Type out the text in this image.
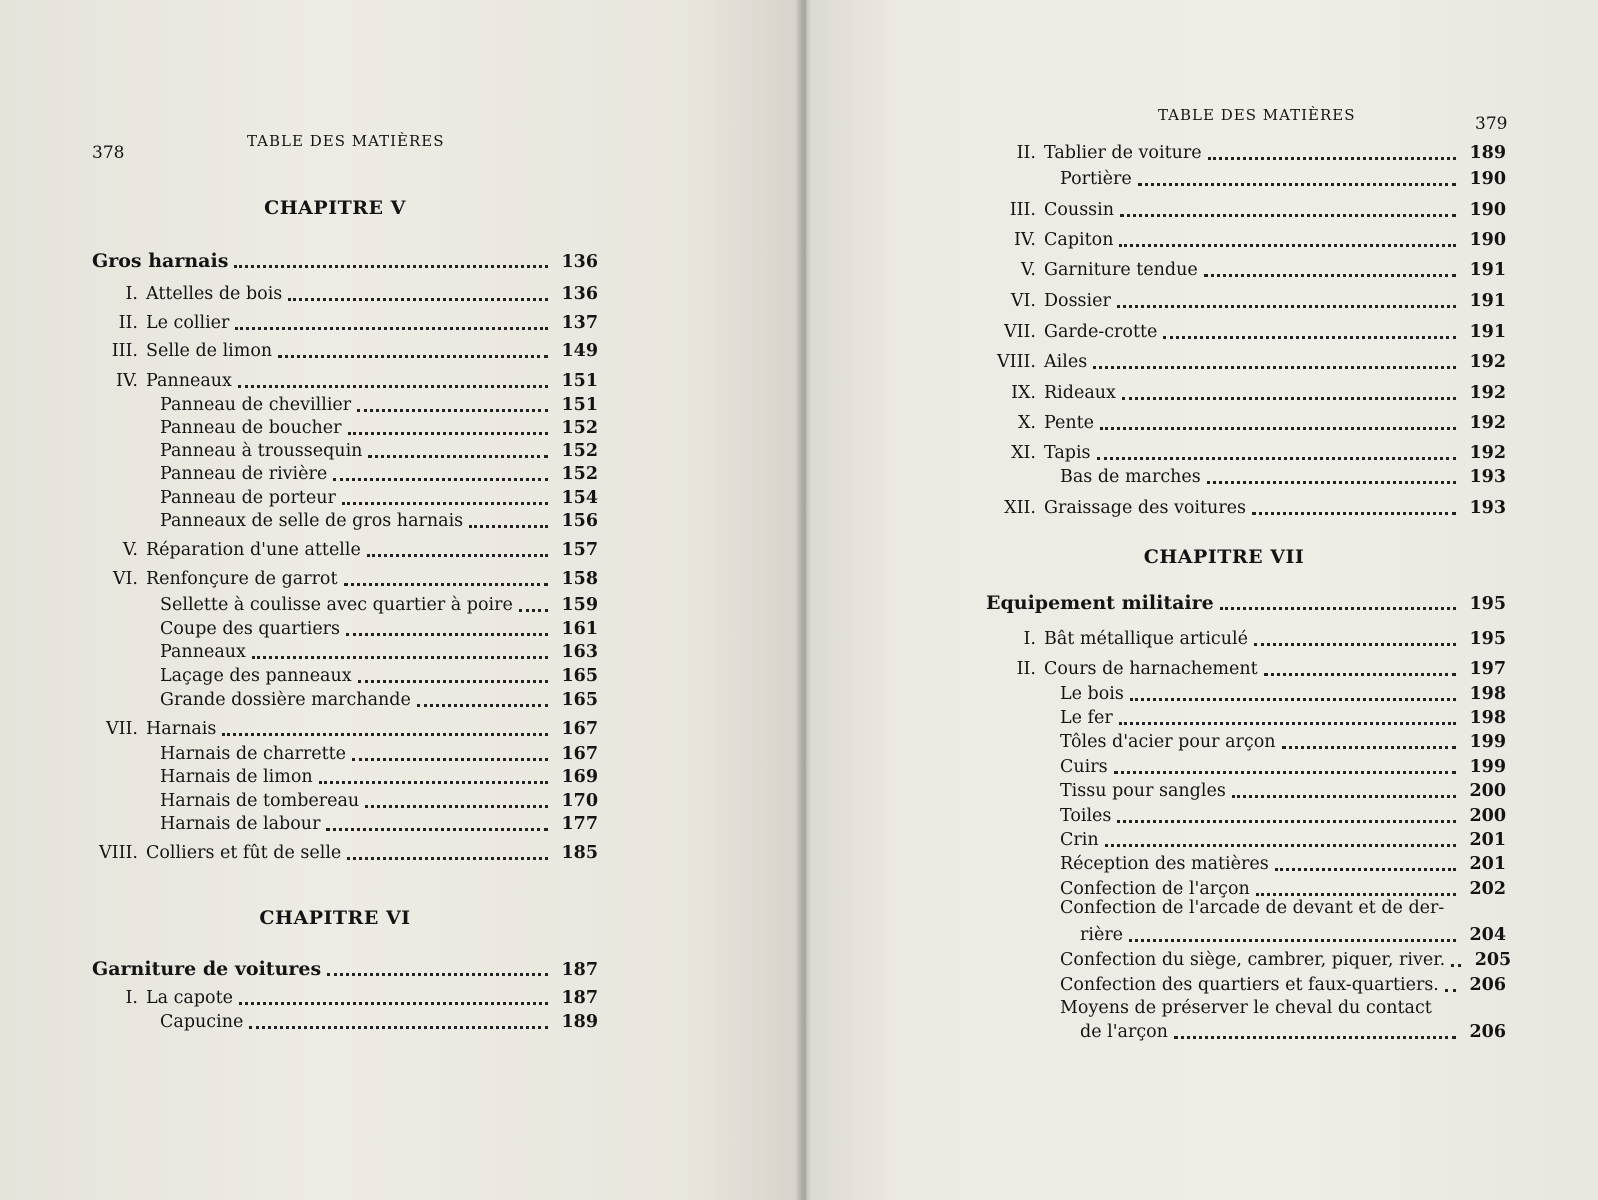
378
TABLE DES MATIÈRES
CHAPITRE V
CHAPITRE VI
Gros harnais	136
I. Attelles de bois	136
II. Le collier	137
III. Selle de limon	149
IV. Panneaux	151
Panneau de chevillier	151
Panneau de boucher	152
Panneau à troussequin	152
Panneau de rivière	152
Panneau de porteur	154
Panneaux de selle de gros harnais	156
V. Réparation d'une attelle	157
VI. Renfonçure de garrot	158
Sellette à coulisse avec quartier à poire	159
Coupe des quartiers	161
Panneaux	163
Laçage des panneaux	165
Grande dossière marchande	165
VII. Harnais	167
Harnais de charrette	167
Harnais de limon	169
Harnais de tombereau	170
Harnais de labour	177
VIII. Colliers et fût de selle	185
Garniture de voitures	187
I. La capote	187
Capucine	189
379
TABLE DES MATIÈRES
CHAPITRE VII
II. Tablier de voiture	189
Portière	190
III. Coussin	190
IV. Capiton	190
V. Garniture tendue	191
VI. Dossier	191
VII. Garde-crotte	191
VIII. Ailes	192
IX. Rideaux	192
X. Pente	192
XI. Tapis	192
Bas de marches	193
XII. Graissage des voitures	193
Equipement militaire	195
I. Bât métallique articulé	195
II. Cours de harnachement	197
Le bois	198
Le fer	198
Tôles d'acier pour arçon	199
Cuirs	199
Tissu pour sangles	200
Toiles	200
Crin	201
Réception des matières	201
Confection de l'arçon	202
Confection de l'arcade de devant et de der-
rière	204
Confection du siège, cambrer, piquer, river.	205
Confection des quartiers et faux-quartiers.	206
Moyens de préserver le cheval du contact
de l'arçon	206
